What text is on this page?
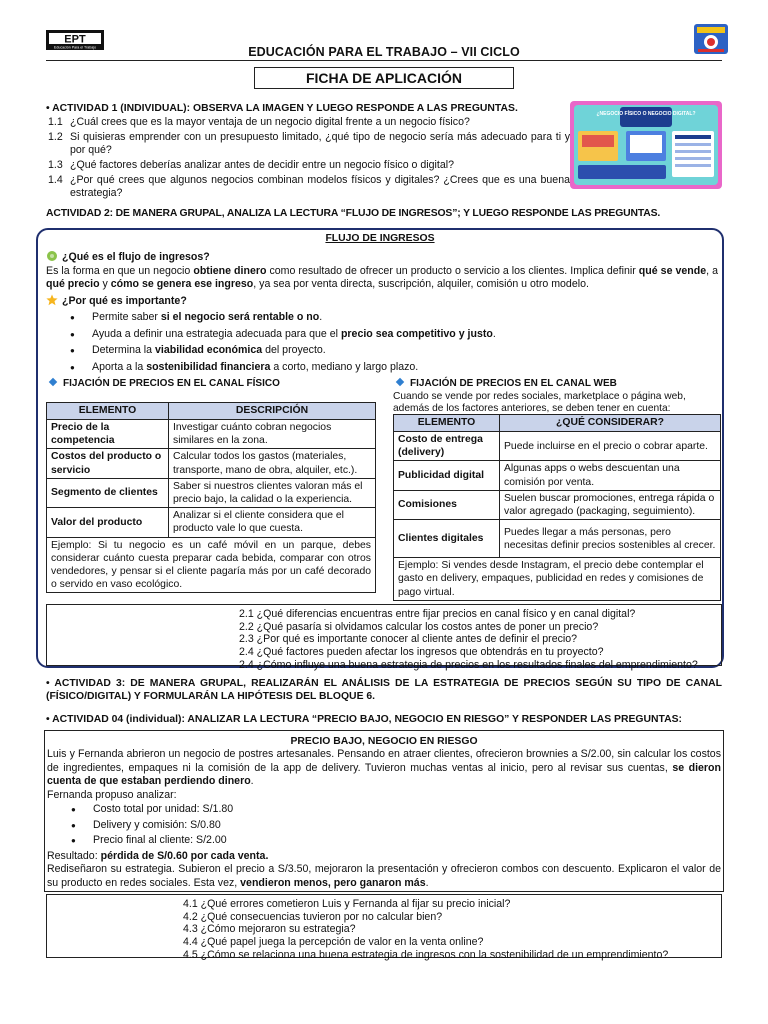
EPT
Educación Para el Trabajo	EDUCACIÓN PARA EL TRABAJO – VII CICLO
FICHA DE APLICACIÓN
• ACTIVIDAD 1 (INDIVIDUAL): OBSERVA LA IMAGEN Y LUEGO RESPONDE A LAS PREGUNTAS.
1.1 ¿Cuál crees que es la mayor ventaja de un negocio digital frente a un negocio físico?
1.2 Si quisieras emprender con un presupuesto limitado, ¿qué tipo de negocio sería más adecuado para ti y por qué?
1.3 ¿Qué factores deberías analizar antes de decidir entre un negocio físico o digital?
1.4 ¿Por qué crees que algunos negocios combinan modelos físicos y digitales? ¿Crees que es una buena estrategia?
¿NEGOCIO FÍSICO O NEGOCIO DIGITAL?
ACTIVIDAD 2: DE MANERA GRUPAL, ANALIZA LA LECTURA “FLUJO DE INGRESOS”; Y LUEGO RESPONDE LAS PREGUNTAS.
FLUJO DE INGRESOS
¿Qué es el flujo de ingresos?
Es la forma en que un negocio obtiene dinero como resultado de ofrecer un producto o servicio a los clientes. Implica definir qué se vende, a qué precio y cómo se genera ese ingreso, ya sea por venta directa, suscripción, alquiler, comisión u otro modelo.
¿Por qué es importante?
● Permite saber si el negocio será rentable o no.
● Ayuda a definir una estrategia adecuada para que el precio sea competitivo y justo.
● Determina la viabilidad económica del proyecto.
● Aporta a la sostenibilidad financiera a corto, mediano y largo plazo.
FIJACIÓN DE PRECIOS EN EL CANAL FÍSICO
ELEMENTO	DESCRIPCIÓN
Precio de la competencia	Investigar cuánto cobran negocios similares en la zona.
Costos del producto o servicio	Calcular todos los gastos (materiales, transporte, mano de obra, alquiler, etc.).
Segmento de clientes	Saber si nuestros clientes valoran más el precio bajo, la calidad o la experiencia.
Valor del producto	Analizar si el cliente considera que el producto vale lo que cuesta.
Ejemplo: Si tu negocio es un café móvil en un parque, debes considerar cuánto cuesta preparar cada bebida, comparar con otros vendedores, y pensar si el cliente pagaría más por un café decorado o servido en vaso ecológico.	
FIJACIÓN DE PRECIOS EN EL CANAL WEB
Cuando se vende por redes sociales, marketplace o página web, además de los factores anteriores, se deben tener en cuenta:
ELEMENTO	¿QUÉ CONSIDERAR?
Costo de entrega (delivery)	Puede incluirse en el precio o cobrar aparte.
Publicidad digital	Algunas apps o webs descuentan una comisión por venta.
Comisiones	Suelen buscar promociones, entrega rápida o valor agregado (packaging, seguimiento).
Clientes digitales	Puedes llegar a más personas, pero necesitas definir precios sostenibles al crecer.
Ejemplo: Si vendes desde Instagram, el precio debe contemplar el gasto en delivery, empaques, publicidad en redes y comisiones de pago virtual.	
2.1 ¿Qué diferencias encuentras entre fijar precios en canal físico y en canal digital?
2.2 ¿Qué pasaría si olvidamos calcular los costos antes de poner un precio?
2.3 ¿Por qué es importante conocer al cliente antes de definir el precio?
2.4 ¿Qué factores pueden afectar los ingresos que obtendrás en tu proyecto?
2.4 ¿Cómo influye una buena estrategia de precios en los resultados finales del emprendimiento?
• ACTIVIDAD 3: DE MANERA GRUPAL, REALIZARÁN EL ANÁLISIS DE LA ESTRATEGIA DE PRECIOS SEGÚN SU TIPO DE CANAL (FÍSICO/DIGITAL) Y FORMULARÁN LA HIPÓTESIS DEL BLOQUE 6.
• ACTIVIDAD 04 (individual): ANALIZAR LA LECTURA “PRECIO BAJO, NEGOCIO EN RIESGO” Y RESPONDER LAS PREGUNTAS:
PRECIO BAJO, NEGOCIO EN RIESGO
Luis y Fernanda abrieron un negocio de postres artesanales. Pensando en atraer clientes, ofrecieron brownies a S/2.00, sin calcular los costos de ingredientes, empaques ni la comisión de la app de delivery. Tuvieron muchas ventas al inicio, pero al revisar sus cuentas, se dieron cuenta de que estaban perdiendo dinero.
Fernanda propuso analizar:
● Costo total por unidad: S/1.80
● Delivery y comisión: S/0.80
● Precio final al cliente: S/2.00
Resultado: pérdida de S/0.60 por cada venta.
Rediseñaron su estrategia. Subieron el precio a S/3.50, mejoraron la presentación y ofrecieron combos con descuento. Explicaron el valor de su producto en redes sociales. Esta vez, vendieron menos, pero ganaron más.
4.1 ¿Qué errores cometieron Luis y Fernanda al fijar su precio inicial?
4.2 ¿Qué consecuencias tuvieron por no calcular bien?
4.3 ¿Cómo mejoraron su estrategia?
4.4 ¿Qué papel juega la percepción de valor en la venta online?
4.5 ¿Cómo se relaciona una buena estrategia de ingresos con la sostenibilidad de un emprendimiento?
